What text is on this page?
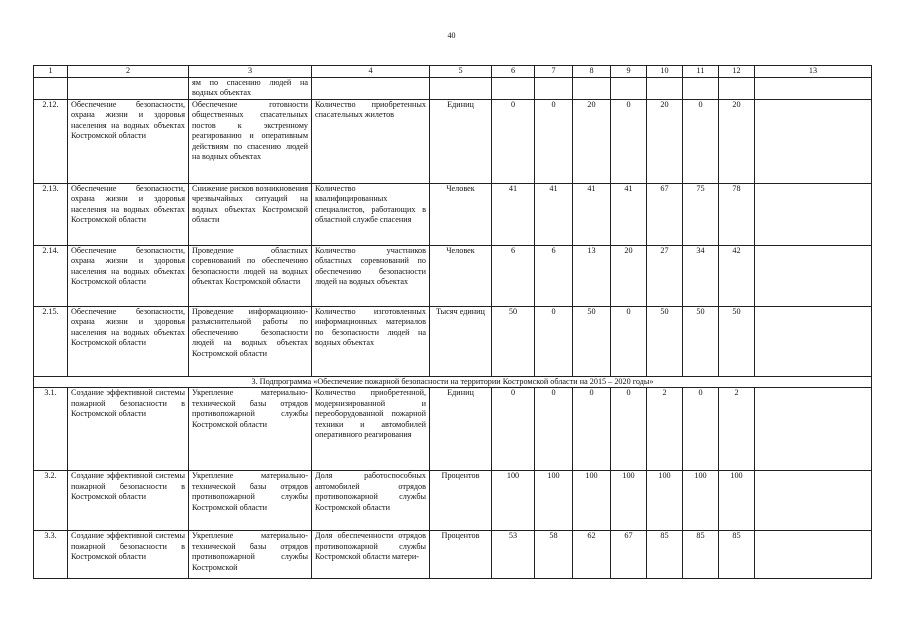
40
1	2	3	4	5	6	7	8	9	10	11	12	13
		ям по спасению людей на водных объектах										
2.12.	Обеспечение безопасности, охрана жизни и здоровья населения на водных объектах Костромской области	Обеспечение готовности общественных спасательных постов к экстренному реагированию и оперативным действиям по спасению людей на водных объектах	Количество приобретенных спасательных жилетов	Единиц	0	0	20	0	20	0	20	
2.13.	Обеспечение безопасности, охрана жизни и здоровья населения на водных объектах Костромской области	Снижение рисков возникновения чрезвычайных ситуаций на водных объектах Костромской области	Количество квалифицированных специалистов, работающих в областной службе спасения	Человек	41	41	41	41	67	75	78	
2.14.	Обеспечение безопасности, охрана жизни и здоровья населения на водных объектах Костромской области	Проведение областных соревнований по обеспечению безопасности людей на водных объектах Костромской области	Количество участников областных соревнований по обеспечению безопасности людей на водных объектах	Человек	6	6	13	20	27	34	42	
2.15.	Обеспечение безопасности, охрана жизни и здоровья населения на водных объектах Костромской области	Проведение информационно-разъяснительной работы по обеспечению безопасности людей на водных объектах Костромской области	Количество изготовленных информационных материалов по безопасности людей на водных объектах	Тысяч единиц	50	0	50	0	50	50	50	
3. Подпрограмма «Обеспечение пожарной безопасности на территории Костромской области на 2015 – 2020 годы»												
3.1.	Создание эффективной системы пожарной безопасности в Костромской области	Укрепление материально-технической базы отрядов противопожарной службы Костромской области	Количество приобретенной, модернизированной и переоборудованной пожарной техники и автомобилей оперативного реагирования	Единиц	0	0	0	0	2	0	2	
3.2.	Создание эффективной системы пожарной безопасности в Костромской области	Укрепление материально-технической базы отрядов противопожарной службы Костромской области	Доля работоспособных автомобилей отрядов противопожарной службы Костромской области	Процентов	100	100	100	100	100	100	100	
3.3.	Создание эффективной системы пожарной безопасности в Костромской области	Укрепление материально-технической базы отрядов противопожарной службы Костромской	Доля обеспеченности отрядов противопожарной службы Костромской области матери-	Процентов	53	58	62	67	85	85	85	
